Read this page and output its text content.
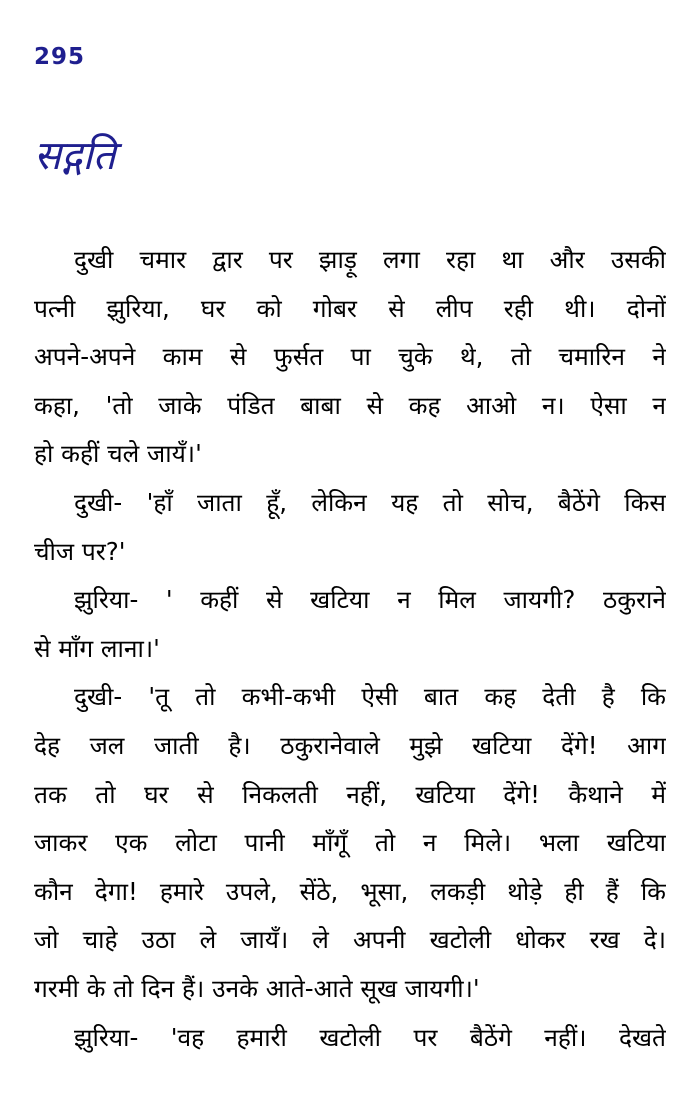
295
सद्गति
दुखी चमार द्वार पर झाड़ू लगा रहा था और उसकी
पत्नी झुरिया, घर को गोबर से लीप रही थी। दोनों
अपने-अपने काम से फुर्सत पा चुके थे, तो चमारिन ने
कहा, 'तो जाके पंडित बाबा से कह आओ न। ऐसा न
हो कहीं चले जायँ।'
दुखी- 'हाँ जाता हूँ, लेकिन यह तो सोच, बैठेंगे किस
चीज पर?'
झुरिया- ' कहीं से खटिया न मिल जायगी? ठकुराने
से माँग लाना।'
दुखी- 'तू तो कभी-कभी ऐसी बात कह देती है कि
देह जल जाती है। ठकुरानेवाले मुझे खटिया देंगे! आग
तक तो घर से निकलती नहीं, खटिया देंगे! कैथाने में
जाकर एक लोटा पानी माँगूँ तो न मिले। भला खटिया
कौन देगा! हमारे उपले, सेंठे, भूसा, लकड़ी थोड़े ही हैं कि
जो चाहे उठा ले जायँ। ले अपनी खटोली धोकर रख दे।
गरमी के तो दिन हैं। उनके आते-आते सूख जायगी।'
झुरिया- 'वह हमारी खटोली पर बैठेंगे नहीं। देखते
